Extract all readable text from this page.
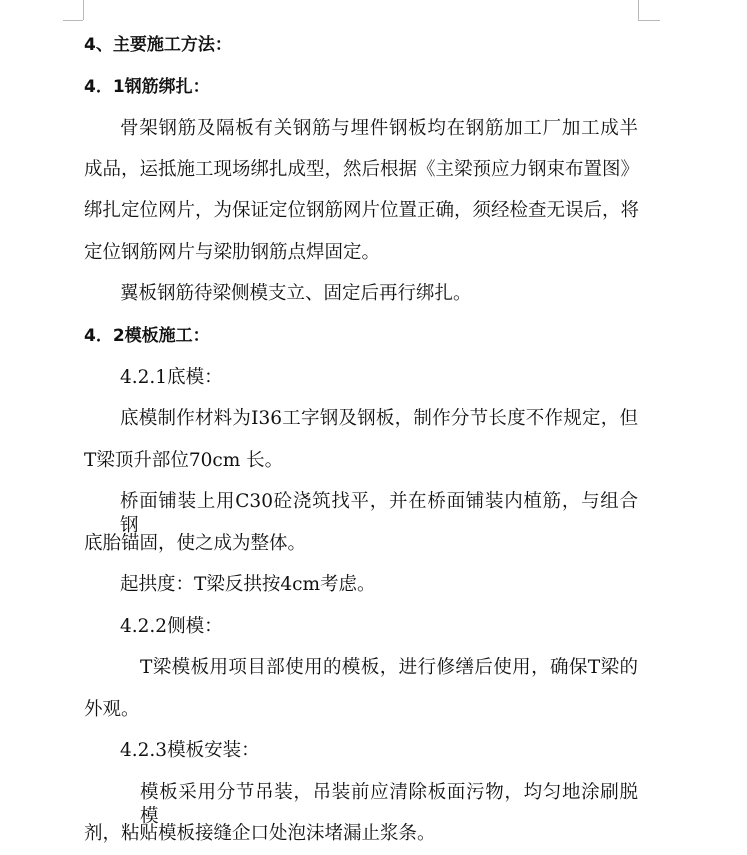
4、主要施工方法：
4．1钢筋绑扎：
骨架钢筋及隔板有关钢筋与埋件钢板均在钢筋加工厂加工成半
成品，运抵施工现场绑扎成型，然后根据《主梁预应力钢束布置图》
绑扎定位网片，为保证定位钢筋网片位置正确，须经检查无误后，将
定位钢筋网片与梁肋钢筋点焊固定。
翼板钢筋待梁侧模支立、固定后再行绑扎。
4．2模板施工：
4.2.1底模：
底模制作材料为I36工字钢及钢板，制作分节长度不作规定，但
T梁顶升部位70cm 长。
桥面铺装上用C30砼浇筑找平，并在桥面铺装内植筋，与组合钢
底胎锚固，使之成为整体。
起拱度：T梁反拱按4cm考虑。
4.2.2侧模：
T梁模板用项目部使用的模板，进行修缮后使用，确保T梁的
外观。
4.2.3模板安装：
模板采用分节吊装，吊装前应清除板面污物，均匀地涂刷脱模
剂，粘贴模板接缝企口处泡沫堵漏止浆条。
